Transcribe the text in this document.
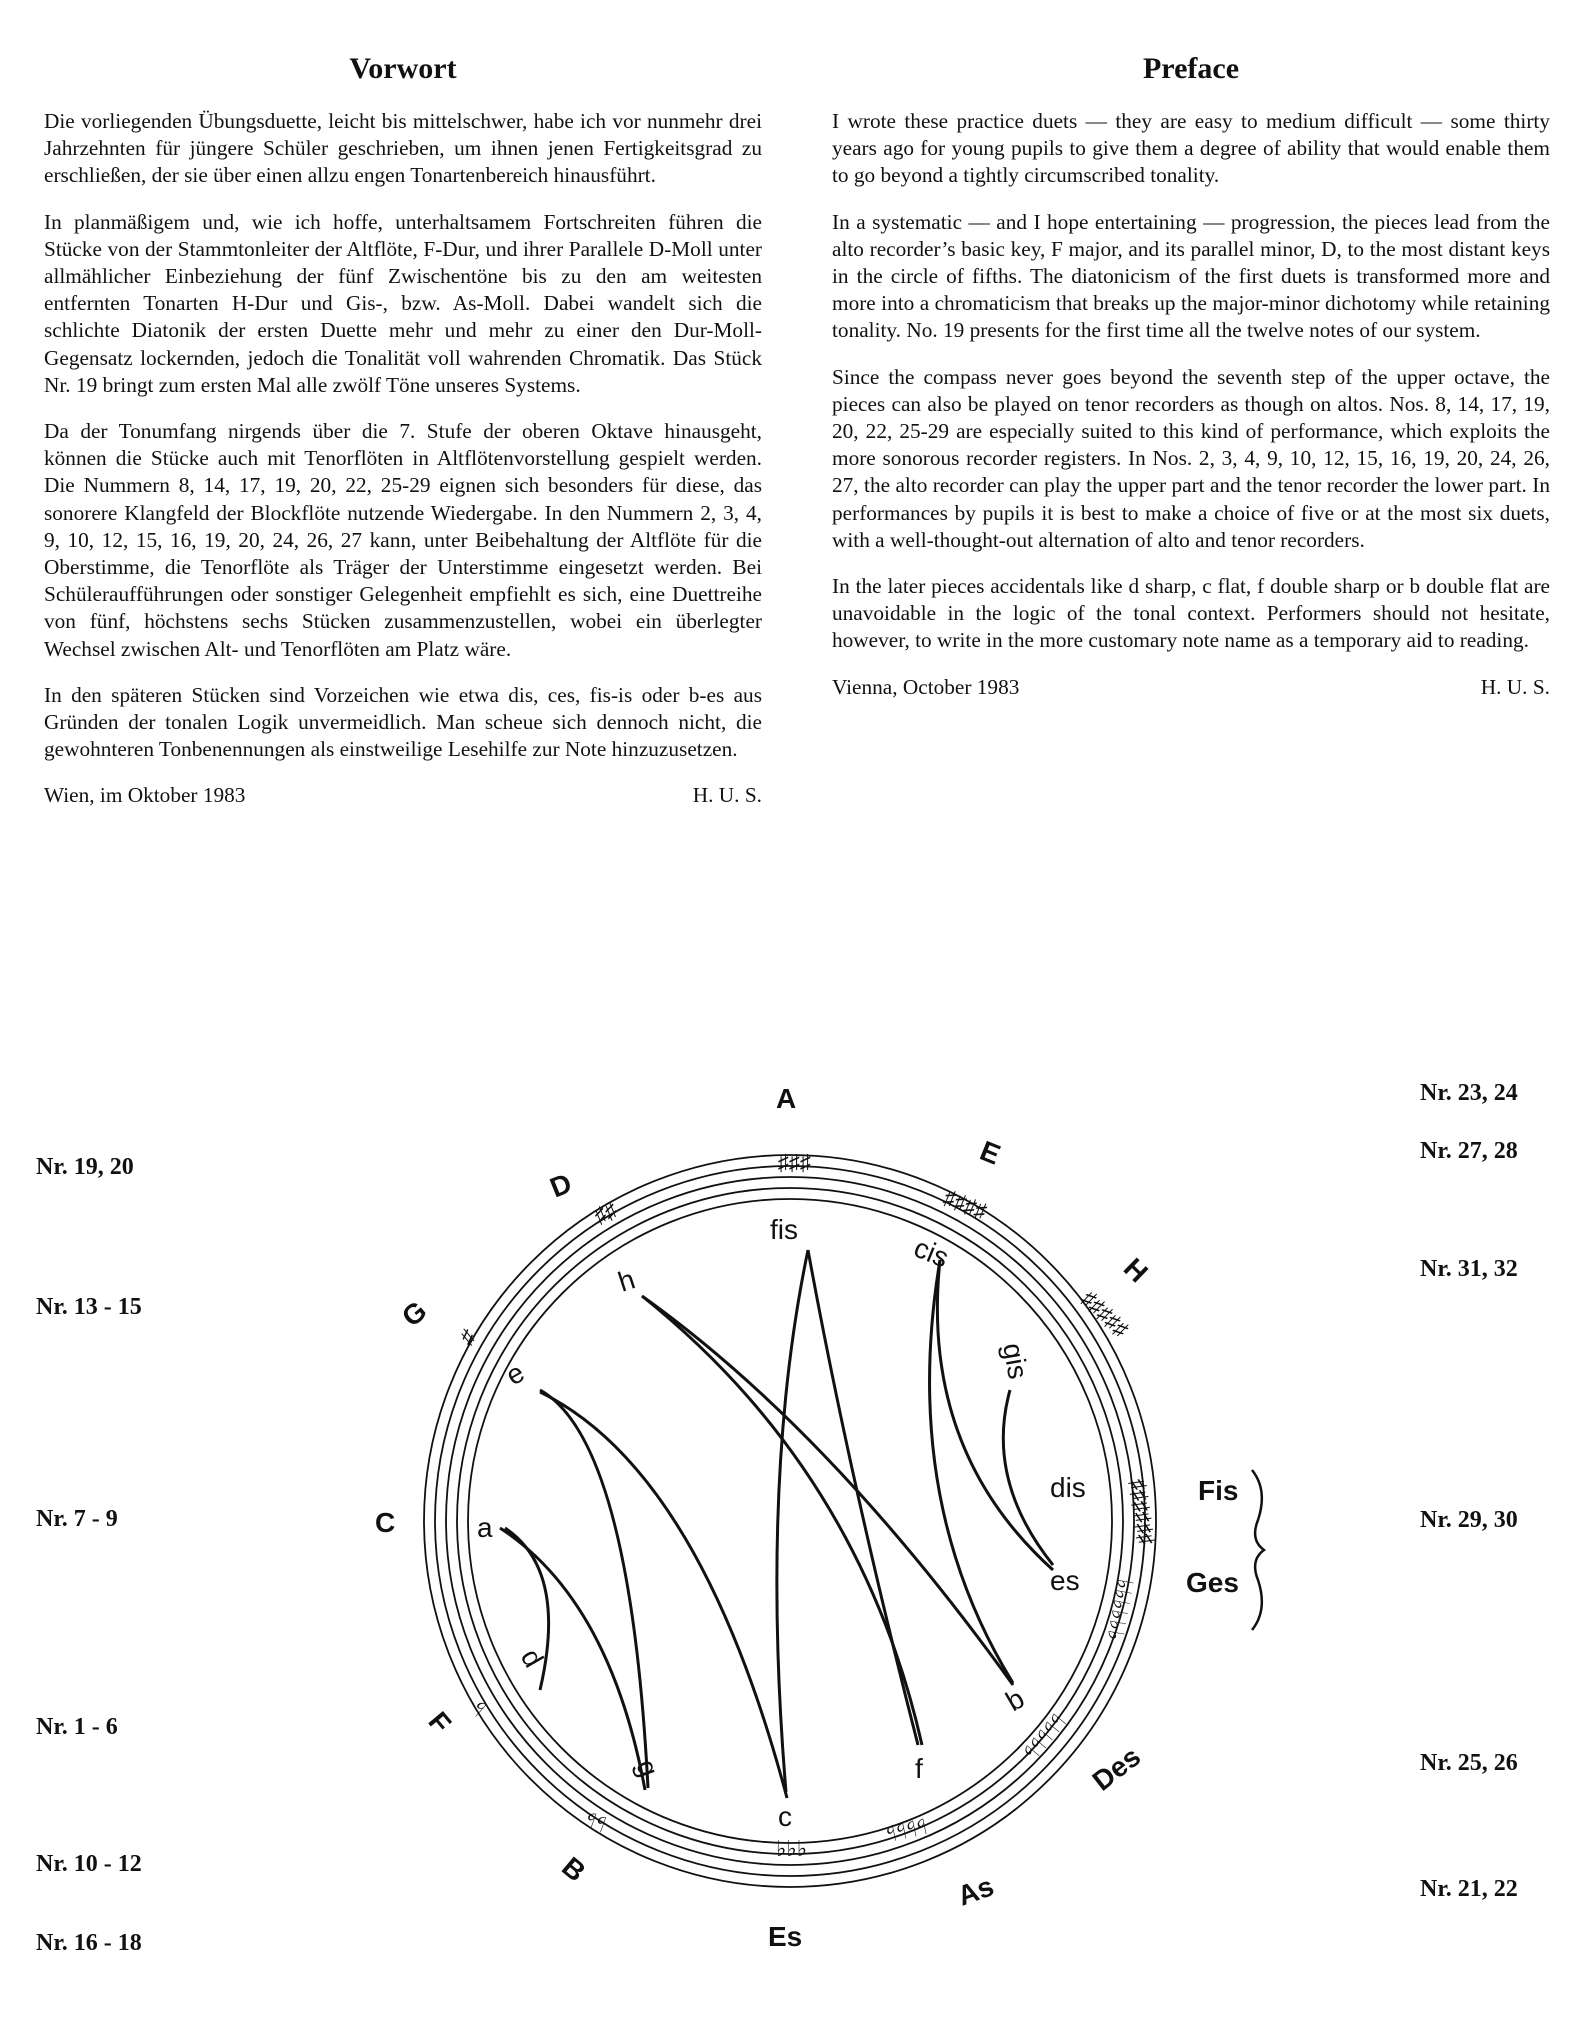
Vorwort

Die vorliegenden Übungsduette, leicht bis mittelschwer, habe ich vor nunmehr drei Jahrzehnten für jüngere Schüler geschrieben, um ihnen jenen Fertigkeitsgrad zu erschließen, der sie über einen allzu engen Tonartenbereich hinausführt.

In planmäßigem und, wie ich hoffe, unterhaltsamem Fortschreiten führen die Stücke von der Stammtonleiter der Altflöte, F-Dur, und ihrer Parallele D-Moll unter allmählicher Einbeziehung der fünf Zwischentöne bis zu den am weitesten entfernten Tonarten H-Dur und Gis-, bzw. As-Moll. Dabei wandelt sich die schlichte Diatonik der ersten Duette mehr und mehr zu einer den Dur-Moll-Gegensatz lockernden, jedoch die Tonalität voll wahrenden Chromatik. Das Stück Nr. 19 bringt zum ersten Mal alle zwölf Töne unseres Systems.

Da der Tonumfang nirgends über die 7. Stufe der oberen Oktave hinausgeht, können die Stücke auch mit Tenorflöten in Altflötenvorstellung gespielt werden. Die Nummern 8, 14, 17, 19, 20, 22, 25-29 eignen sich besonders für diese, das sonorere Klangfeld der Blockflöte nutzende Wiedergabe. In den Nummern 2, 3, 4, 9, 10, 12, 15, 16, 19, 20, 24, 26, 27 kann, unter Beibehaltung der Altflöte für die Oberstimme, die Tenorflöte als Träger der Unterstimme eingesetzt werden. Bei Schüleraufführungen oder sonstiger Gelegenheit empfiehlt es sich, eine Duettreihe von fünf, höchstens sechs Stücken zusammenzustellen, wobei ein überlegter Wechsel zwischen Alt- und Tenorflöten am Platz wäre.

In den späteren Stücken sind Vorzeichen wie etwa dis, ces, fis-is oder b-es aus Gründen der tonalen Logik unvermeidlich. Man scheue sich dennoch nicht, die gewohnteren Tonbenennungen als einstweilige Lesehilfe zur Note hinzuzusetzen.

Wien, im Oktober 1983	H. U. S.
Preface

I wrote these practice duets — they are easy to medium difficult — some thirty years ago for young pupils to give them a degree of ability that would enable them to go beyond a tightly circumscribed tonality.

In a systematic — and I hope entertaining — progression, the pieces lead from the alto recorder’s basic key, F major, and its parallel minor, D, to the most distant keys in the circle of fifths. The diatonicism of the first duets is transformed more and more into a chromaticism that breaks up the major-minor dichotomy while retaining tonality. No. 19 presents for the first time all the twelve notes of our system.

Since the compass never goes beyond the seventh step of the upper octave, the pieces can also be played on tenor recorders as though on altos. Nos. 8, 14, 17, 19, 20, 22, 25-29 are especially suited to this kind of performance, which exploits the more sonorous recorder registers. In Nos. 2, 3, 4, 9, 10, 12, 15, 16, 19, 20, 24, 26, 27, the alto recorder can play the upper part and the tenor recorder the lower part. In performances by pupils it is best to make a choice of five or at the most six duets, with a well-thought-out alternation of alto and tenor recorders.

In the later pieces accidentals like d sharp, c flat, f double sharp or b double flat are unavoidable in the logic of the tonal context. Performers should not hesitate, however, to write in the more customary note name as a temporary aid to reading.

Vienna, October 1983	H. U. S.
Nr. 19, 20
Nr. 13 - 15
Nr. 7 - 9
Nr. 1 - 6
Nr. 10 - 12
Nr. 16 - 18
Nr. 23, 24
Nr. 27, 28
Nr. 31, 32
Nr. 29, 30
Nr. 25, 26
Nr. 21, 22
♯
♯♯
♯♯♯
♯♯♯♯
♯♯♯♯♯
♯♯♯♯♯♯
♭♭♭♭♭♭
♭♭♭♭♭
♭♭♭♭
♭♭♭
♭♭
♭
C
G
D
A
E
H
Fis
Ges
Des
As
Es
B
F
a
e
h
fis
cis
gis
dis
es
b
f
c
g
d
